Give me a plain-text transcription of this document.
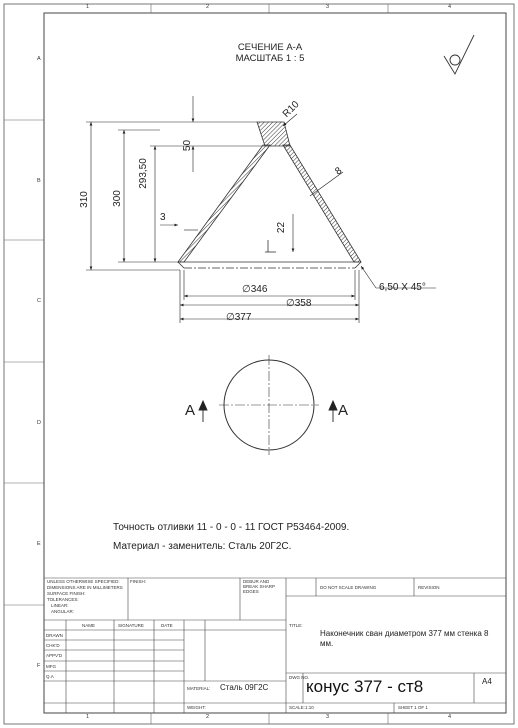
1	2	3	4
1	2	3	4
A
B
C
D
E
F
СЕЧЕНИЕ А-А
МАСШТАБ 1 : 5
310 300
293,50
50
R10
8
3
22
∅346
∅358
∅377
6,50 X 45°
A	A
Точность отливки 11 - 0 - 0 - 11 ГОСТ Р53464-2009.
Материал - заменитель: Сталь 20Г2С.
UNLESS OTHERWISE SPECIFIED:
DIMENSIONS ARE IN MILLIMETERS
SURFACE FINISH:
TOLERANCES:
LINEAR:
ANGULAR:
FINISH:	DEBUR AND BREAK SHARP EDGES
DO NOT SCALE DRAWING	REVISION
NAME	SIGNATURE	DATE
DRAWN
CHK'D
APPV'D
MFG
Q.A
TITLE:
Наконечник сван диаметром 377 мм стенка 8 мм.
MATERIAL: Сталь 09Г2С
DWG NO.
конус 377 - ст8	A4
WEIGHT:	SCALE:1:10	SHEET 1 OF 1
